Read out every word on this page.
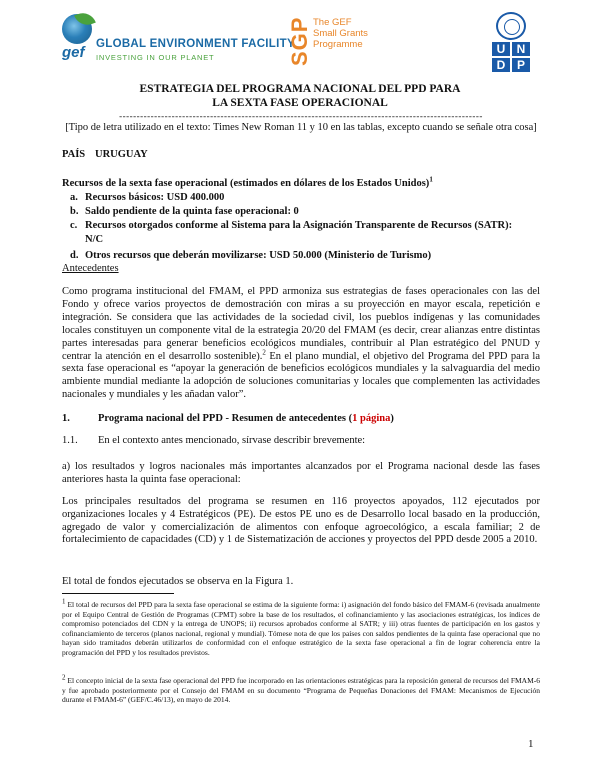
gef GLOBAL ENVIRONMENT FACILITY
INVESTING IN OUR PLANET	SGP The GEF
Small Grants
Programme	U N
D P
ESTRATEGIA DEL PROGRAMA NACIONAL DEL PPD PARA
LA SEXTA FASE OPERACIONAL
--------------------------------------------------------------------------------------------------------
[Tipo de letra utilizado en el texto: Times New Roman 11 y 10 en las tablas, excepto cuando se señale otra cosa]
PAÍS URUGUAY
Recursos de la sexta fase operacional (estimados en dólares de los Estados Unidos)$^1$
a. Recursos básicos: USD 400.000
b. Saldo pendiente de la quinta fase operacional: 0
c. Recursos otorgados conforme al Sistema para la Asignación Transparente de Recursos (SATR):
N/C
d. Otros recursos que deberán movilizarse: USD 50.000 (Ministerio de Turismo)
Antecedentes
Como programa institucional del FMAM, el PPD armoniza sus estrategias de fases operacionales con las del Fondo y ofrece varios proyectos de demostración con miras a su proyección en mayor escala, repetición e integración. Se considera que las actividades de la sociedad civil, los pueblos indígenas y las comunidades locales constituyen un componente vital de la estrategia 20/20 del FMAM (es decir, crear alianzas entre distintas partes interesadas para generar beneficios ecológicos mundiales, contribuir al Plan estratégico del PNUD y centrar la atención en el desarrollo sostenible).$^2$ En el plano mundial, el objetivo del Programa del PPD para la sexta fase operacional es “apoyar la generación de beneficios ecológicos mundiales y la salvaguardia del medio ambiente mundial mediante la adopción de soluciones comunitarias y locales que complementen las actividades nacionales y mundiales y les añadan valor”.
1.	Programa nacional del PPD - Resumen de antecedentes (1 página)
1.1. En el contexto antes mencionado, sírvase describir brevemente:
a) los resultados y logros nacionales más importantes alcanzados por el Programa nacional desde las fases anteriores hasta la quinta fase operacional:
Los principales resultados del programa se resumen en 116 proyectos apoyados, 112 ejecutados por organizaciones locales y 4 Estratégicos (PE). De estos PE uno es de Desarrollo local basado en la producción, agregado de valor y comercialización de alimentos con enfoque agroecológico, a escala familiar; 2 de fortalecimiento de capacidades (CD) y 1 de Sistematización de acciones y proyectos del PPD desde 2005 a 2010.
El total de fondos ejecutados se observa en la Figura 1.
$^1$ El total de recursos del PPD para la sexta fase operacional se estima de la siguiente forma: i) asignación del fondo básico del FMAM-6 (revisada anualmente por el Equipo Central de Gestión de Programas (CPMT) sobre la base de los resultados, el cofinanciamiento y las asociaciones estratégicas, los índices de compromiso potenciados del CDN y la entrega de UNOPS; ii) recursos aprobados conforme al SATR; y iii) otras fuentes de participación en los gastos y cofinanciamiento de terceros (planos nacional, regional y mundial). Tómese nota de que los países con saldos pendientes de la quinta fase operacional que no hayan sido tramitados deberán utilizarlos de conformidad con el enfoque estratégico de la sexta fase operacional a fin de lograr coherencia entre la programación del PPD y los resultados previstos.
$^2$ El concepto inicial de la sexta fase operacional del PPD fue incorporado en las orientaciones estratégicas para la reposición general de recursos del FMAM-6 y fue aprobado posteriormente por el Consejo del FMAM en su documento “Programa de Pequeñas Donaciones del FMAM: Mecanismos de Ejecución durante el FMAM-6” (GEF/C.46/13), en mayo de 2014.
1
